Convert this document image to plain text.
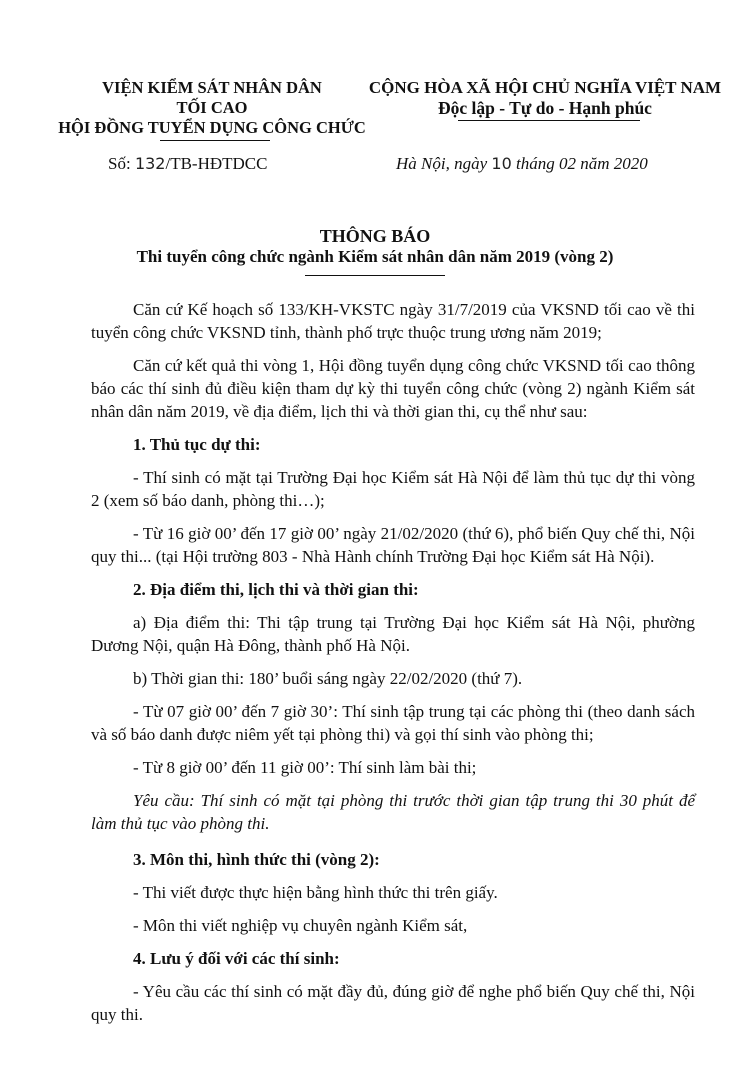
VIỆN KIỂM SÁT NHÂN DÂN
TỐI CAO
HỘI ĐỒNG TUYỂN DỤNG CÔNG CHỨC
CỘNG HÒA XÃ HỘI CHỦ NGHĨA VIỆT NAM
Độc lập - Tự do - Hạnh phúc
Số: 132/TB-HĐTDCC	Hà Nội, ngày 10 tháng 02 năm 2020
THÔNG BÁO
Thi tuyển công chức ngành Kiểm sát nhân dân năm 2019 (vòng 2)

Căn cứ Kế hoạch số 133/KH-VKSTC ngày 31/7/2019 của VKSND tối cao về thi tuyển công chức VKSND tỉnh, thành phố trực thuộc trung ương năm 2019;

Căn cứ kết quả thi vòng 1, Hội đồng tuyển dụng công chức VKSND tối cao thông báo các thí sinh đủ điều kiện tham dự kỳ thi tuyển công chức (vòng 2) ngành Kiểm sát nhân dân năm 2019, về địa điểm, lịch thi và thời gian thi, cụ thể như sau:

1. Thủ tục dự thi:

- Thí sinh có mặt tại Trường Đại học Kiểm sát Hà Nội để làm thủ tục dự thi vòng 2 (xem số báo danh, phòng thi…);

- Từ 16 giờ 00’ đến 17 giờ 00’ ngày 21/02/2020 (thứ 6), phổ biến Quy chế thi, Nội quy thi... (tại Hội trường 803 - Nhà Hành chính Trường Đại học Kiểm sát Hà Nội).

2. Địa điểm thi, lịch thi và thời gian thi:

a) Địa điểm thi: Thi tập trung tại Trường Đại học Kiểm sát Hà Nội, phường Dương Nội, quận Hà Đông, thành phố Hà Nội.

b) Thời gian thi: 180’ buổi sáng ngày 22/02/2020 (thứ 7).

- Từ 07 giờ 00’ đến 7 giờ 30’: Thí sinh tập trung tại các phòng thi (theo danh sách và số báo danh được niêm yết tại phòng thi) và gọi thí sinh vào phòng thi;

- Từ 8 giờ 00’ đến 11 giờ 00’: Thí sinh làm bài thi;

Yêu cầu: Thí sinh có mặt tại phòng thi trước thời gian tập trung thi 30 phút để làm thủ tục vào phòng thi.

3. Môn thi, hình thức thi (vòng 2):

- Thi viết được thực hiện bằng hình thức thi trên giấy.

- Môn thi viết nghiệp vụ chuyên ngành Kiểm sát,

4. Lưu ý đối với các thí sinh:

- Yêu cầu các thí sinh có mặt đầy đủ, đúng giờ để nghe phổ biến Quy chế thi, Nội quy thi.
